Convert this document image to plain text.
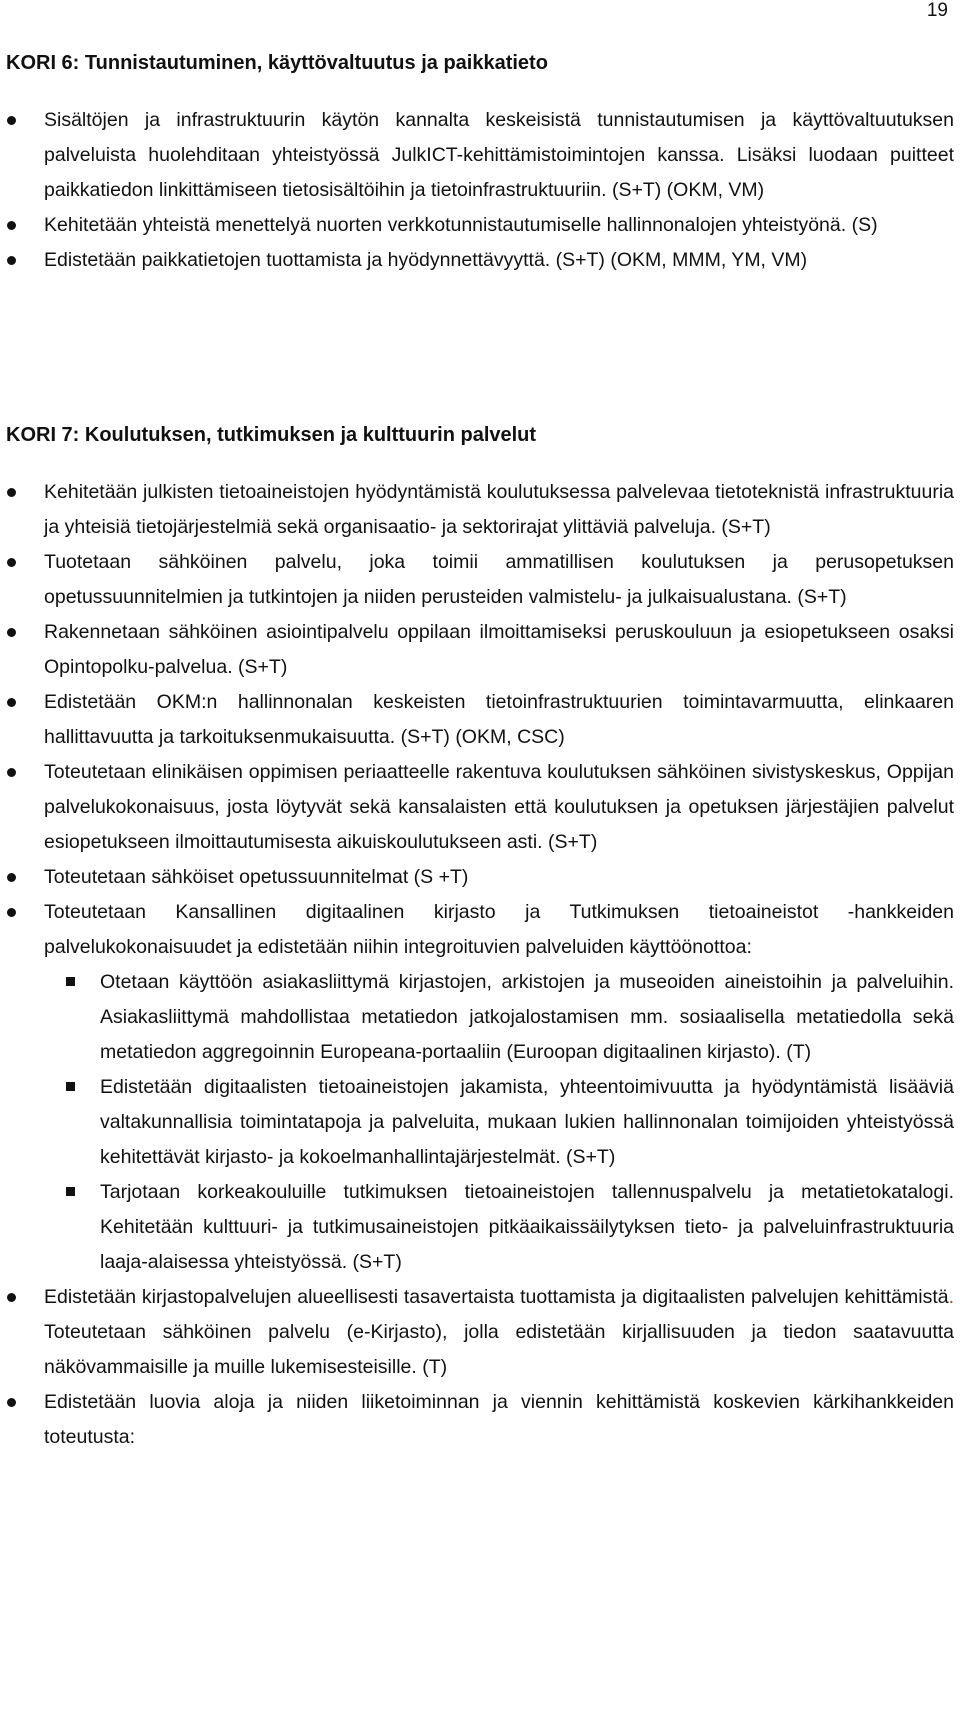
19
KORI 6: Tunnistautuminen, käyttövaltuutus ja paikkatieto
Sisältöjen ja infrastruktuurin käytön kannalta keskeisistä tunnistautumisen ja käyttövaltuutuksen palveluista huolehditaan yhteistyössä JulkICT-kehittämistoimintojen kanssa. Lisäksi luodaan puitteet paikkatiedon linkittämiseen tietosisältöihin ja tietoinfrastruktuuriin. (S+T) (OKM, VM)
Kehitetään yhteistä menettelyä nuorten verkkotunnistautumiselle hallinnonalojen yhteistyönä. (S)
Edistetään paikkatietojen tuottamista ja hyödynnettävyyttä. (S+T) (OKM, MMM, YM, VM)
KORI 7: Koulutuksen, tutkimuksen ja kulttuurin palvelut
Kehitetään julkisten tietoaineistojen hyödyntämistä koulutuksessa palvelevaa tietoteknistä infrastruktuuria ja yhteisiä tietojärjestelmiä sekä organisaatio- ja sektorirajat ylittäviä palveluja. (S+T)
Tuotetaan sähköinen palvelu, joka toimii ammatillisen koulutuksen ja perusopetuksen opetussuunnitelmien ja tutkintojen ja niiden perusteiden valmistelu- ja julkaisualustana. (S+T)
Rakennetaan sähköinen asiointipalvelu oppilaan ilmoittamiseksi peruskouluun ja esiopetukseen osaksi Opintopolku-palvelua. (S+T)
Edistetään OKM:n hallinnonalan keskeisten tietoinfrastruktuurien toimintavarmuutta, elinkaaren hallittavuutta ja tarkoituksenmukaisuutta. (S+T) (OKM, CSC)
Toteutetaan elinikäisen oppimisen periaatteelle rakentuva koulutuksen sähköinen sivistyskeskus, Oppijan palvelukokonaisuus, josta löytyvät sekä kansalaisten että koulutuksen ja opetuksen järjestäjien palvelut esiopetukseen ilmoittautumisesta aikuiskoulutukseen asti. (S+T)
Toteutetaan sähköiset opetussuunnitelmat (S +T)
Toteutetaan Kansallinen digitaalinen kirjasto ja Tutkimuksen tietoaineistot -hankkeiden palvelukokonaisuudet ja edistetään niihin integroituvien palveluiden käyttöönottoa:
Otetaan käyttöön asiakasliittymä kirjastojen, arkistojen ja museoiden aineistoihin ja palveluihin. Asiakasliittymä mahdollistaa metatiedon jatkojalostamisen mm. sosiaalisella metatiedolla sekä metatiedon aggregoinnin Europeana-portaaliin (Euroopan digitaalinen kirjasto). (T)
Edistetään digitaalisten tietoaineistojen jakamista, yhteentoimivuutta ja hyödyntämistä lisääviä valtakunnallisia toimintatapoja ja palveluita, mukaan lukien hallinnonalan toimijoiden yhteistyössä kehitettävät kirjasto- ja kokoelmanhallintajärjestelmät. (S+T)
Tarjotaan korkeakouluille tutkimuksen tietoaineistojen tallennuspalvelu ja metatietokatalogi. Kehitetään kulttuuri- ja tutkimusaineistojen pitkäaikaissäilytyksen tieto- ja palveluinfrastruktuuria laaja-alaisessa yhteistyössä. (S+T)
Edistetään kirjastopalvelujen alueellisesti tasavertaista tuottamista ja digitaalisten palvelujen kehittämistä. Toteutetaan sähköinen palvelu (e-Kirjasto), jolla edistetään kirjallisuuden ja tiedon saatavuutta näkövammaisille ja muille lukemisesteisille. (T)
Edistetään luovia aloja ja niiden liiketoiminnan ja viennin kehittämistä koskevien kärkihankkeiden toteutusta:
